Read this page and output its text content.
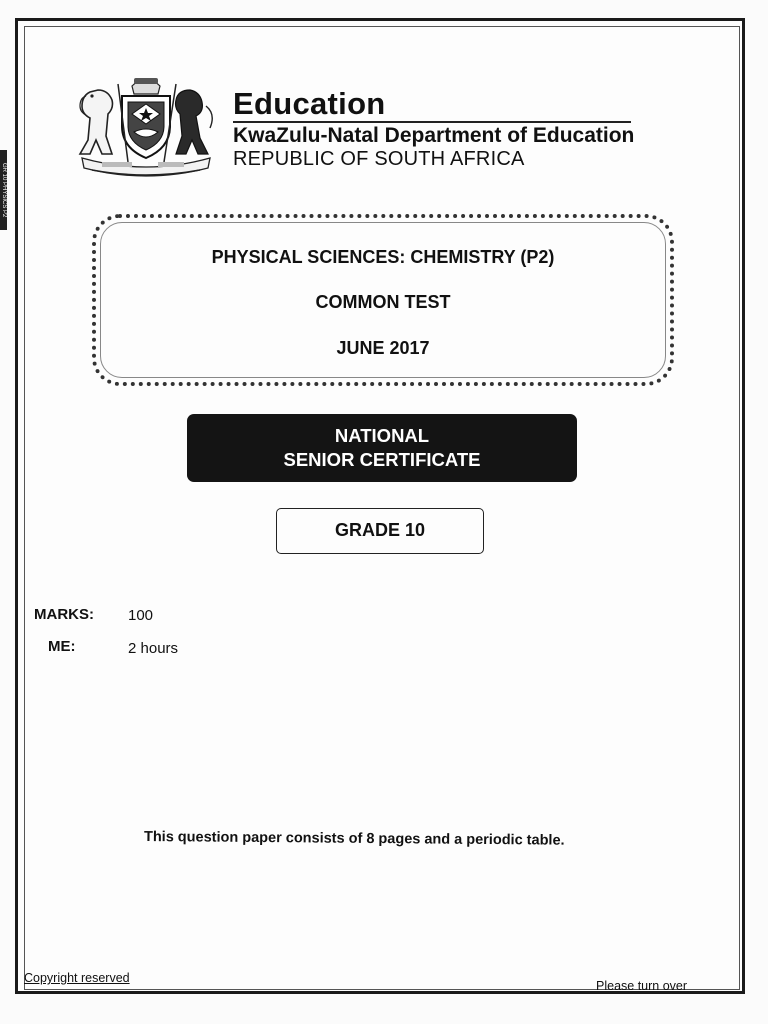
GR 10 PHYSICS P2
Education
KwaZulu-Natal Department of Education
REPUBLIC OF SOUTH AFRICA
PHYSICAL SCIENCES: CHEMISTRY (P2)
COMMON TEST
JUNE 2017
NATIONAL
SENIOR CERTIFICATE
GRADE 10
MARKS: 100
ME:	2 hours
This question paper consists of 8 pages and a periodic table.
Copyright reserved
Please turn over
